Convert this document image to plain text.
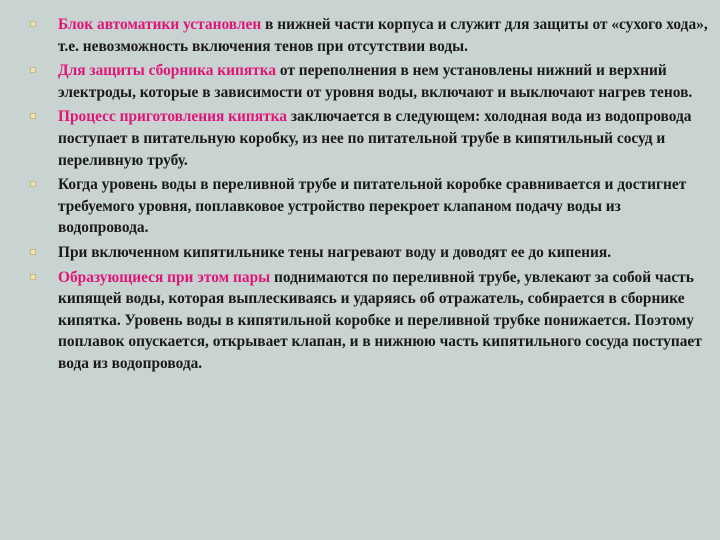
Блок автоматики установлен в нижней части корпуса и служит для защиты от «сухого хода», т.е. невозможность включения тенов при отсутствии воды.
Для защиты сборника кипятка от переполнения в нем установлены нижний и верхний электроды, которые в зависимости от уровня воды, включают и выключают нагрев тенов.
Процесс приготовления кипятка заключается в следующем: холодная вода из водопровода поступает в питательную коробку, из нее по питательной трубе в кипятильный сосуд и переливную трубу.
Когда уровень воды в переливной трубе и питательной коробке сравнивается и достигнет требуемого уровня, поплавковое устройство перекроет клапаном подачу воды из водопровода.
При включенном кипятильнике тены нагревают воду и доводят ее до кипения.
Образующиеся при этом пары поднимаются по переливной трубе, увлекают за собой часть кипящей воды, которая выплескиваясь и ударяясь об отражатель, собирается в сборнике кипятка. Уровень воды в кипятильной коробке и переливной трубке понижается. Поэтому поплавок опускается, открывает клапан, и в нижнюю часть кипятильного сосуда поступает вода из водопровода.
